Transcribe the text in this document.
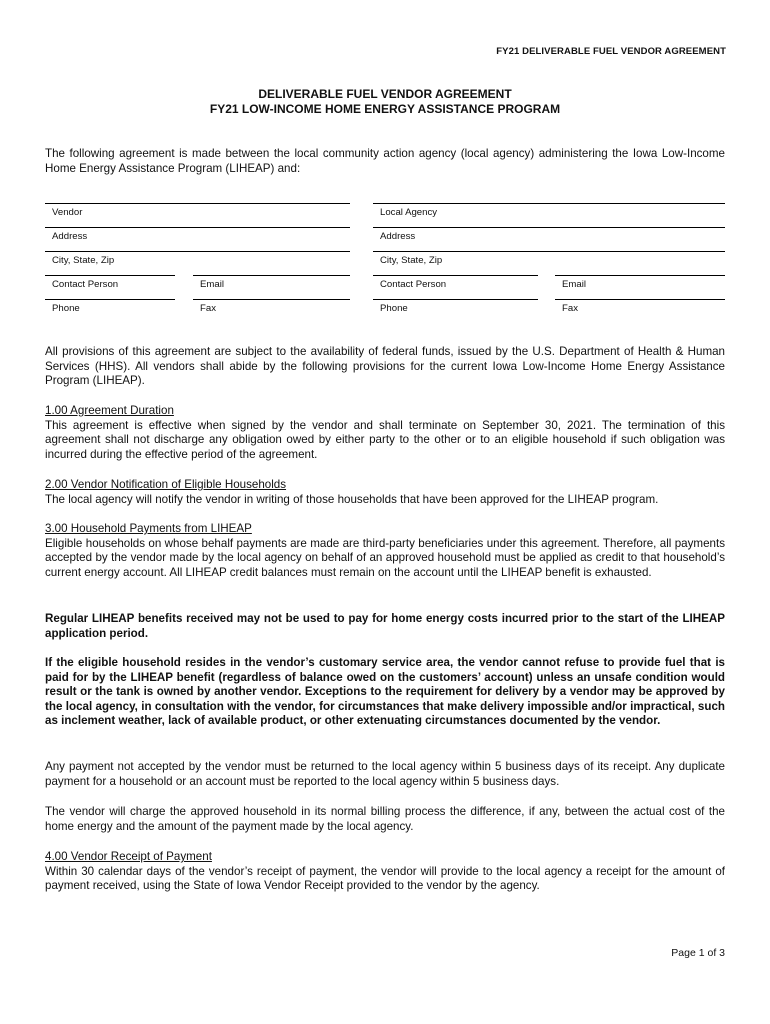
FY21 DELIVERABLE FUEL VENDOR AGREEMENT
DELIVERABLE FUEL VENDOR AGREEMENT
FY21 LOW-INCOME HOME ENERGY ASSISTANCE PROGRAM
The following agreement is made between the local community action agency (local agency) administering the Iowa Low-Income Home Energy Assistance Program (LIHEAP) and:
Vendor
Address
City, State, Zip
Contact Person	Email
Phone	Fax
Local Agency
Address
City, State, Zip
Contact Person	Email
Phone	Fax
All provisions of this agreement are subject to the availability of federal funds, issued by the U.S. Department of Health & Human Services (HHS). All vendors shall abide by the following provisions for the current Iowa Low-Income Home Energy Assistance Program (LIHEAP).
1.00 Agreement Duration
This agreement is effective when signed by the vendor and shall terminate on September 30, 2021. The termination of this agreement shall not discharge any obligation owed by either party to the other or to an eligible household if such obligation was incurred during the effective period of the agreement.
2.00 Vendor Notification of Eligible Households
The local agency will notify the vendor in writing of those households that have been approved for the LIHEAP program.
3.00 Household Payments from LIHEAP
Eligible households on whose behalf payments are made are third-party beneficiaries under this agreement. Therefore, all payments accepted by the vendor made by the local agency on behalf of an approved household must be applied as credit to that household’s current energy account. All LIHEAP credit balances must remain on the account until the LIHEAP benefit is exhausted.
Regular LIHEAP benefits received may not be used to pay for home energy costs incurred prior to the start of the LIHEAP application period.
If the eligible household resides in the vendor’s customary service area, the vendor cannot refuse to provide fuel that is paid for by the LIHEAP benefit (regardless of balance owed on the customers’ account) unless an unsafe condition would result or the tank is owned by another vendor. Exceptions to the requirement for delivery by a vendor may be approved by the local agency, in consultation with the vendor, for circumstances that make delivery impossible and/or impractical, such as inclement weather, lack of available product, or other extenuating circumstances documented by the vendor.
Any payment not accepted by the vendor must be returned to the local agency within 5 business days of its receipt. Any duplicate payment for a household or an account must be reported to the local agency within 5 business days.
The vendor will charge the approved household in its normal billing process the difference, if any, between the actual cost of the home energy and the amount of the payment made by the local agency.
4.00 Vendor Receipt of Payment
Within 30 calendar days of the vendor’s receipt of payment, the vendor will provide to the local agency a receipt for the amount of payment received, using the State of Iowa Vendor Receipt provided to the vendor by the agency.
Page 1 of 3
